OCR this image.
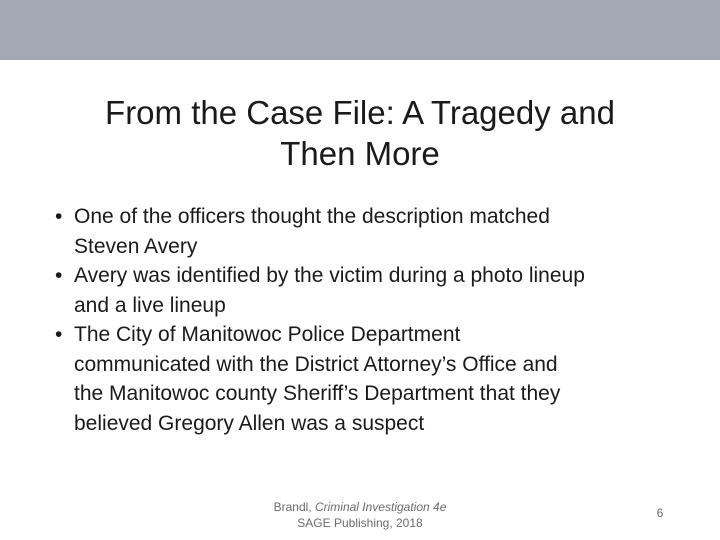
From the Case File: A Tragedy and
Then More
• One of the officers thought the description matched
Steven Avery
• Avery was identified by the victim during a photo lineup
and a live lineup
• The City of Manitowoc Police Department
communicated with the District Attorney’s Office and
the Manitowoc county Sheriff’s Department that they
believed Gregory Allen was a suspect
Brandl, Criminal Investigation 4e
SAGE Publishing, 2018
6
